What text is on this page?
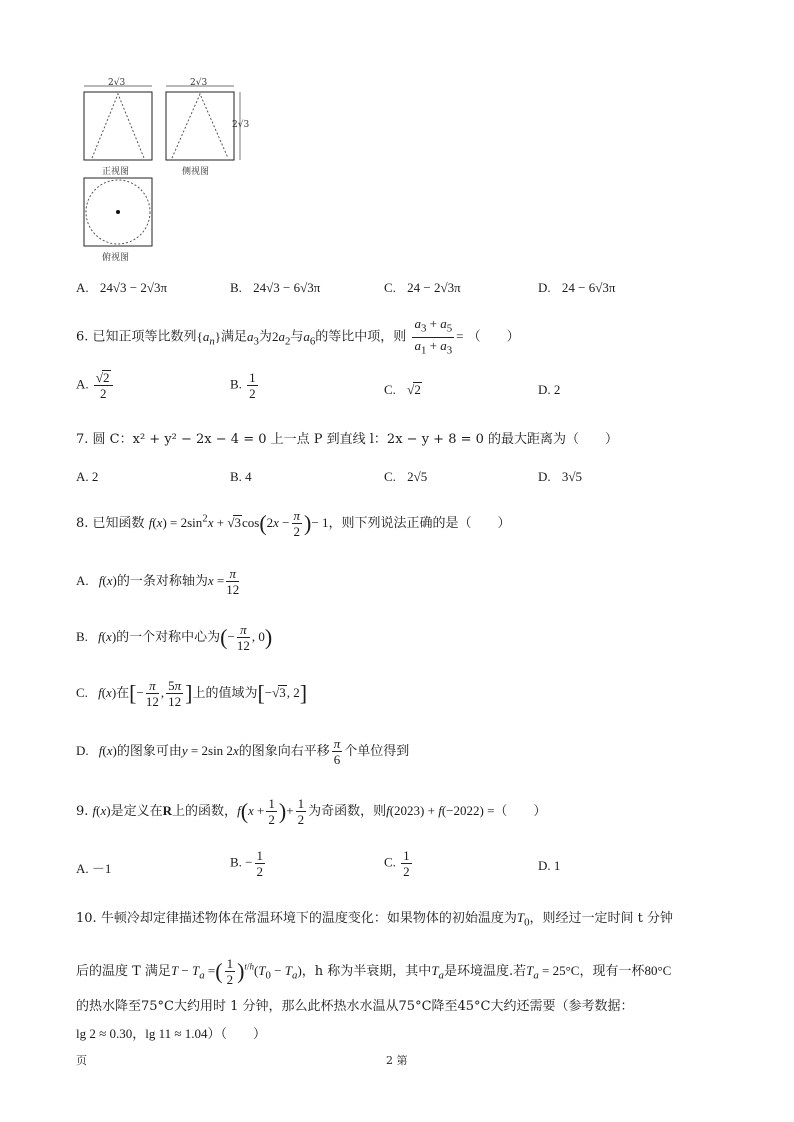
2√3	2√3
2√3
正视图	侧视图
俯视图
A. 24√3 − 2√3π	B. 24√3 − 6√3π	C. 24 − 2√3π	D. 24 − 6√3π
6. 已知正项等比数列$\{a_n\}$满足$a_3$为$2a_2$与$a_6$的等比中项，则 $\frac{a_3 + a_5}{a_1 + a_3}$ = （　　）
A. $\frac{√2}{2}$	B. $\frac{1}{2}$	C. √2	D. 2
7. 圆 C：x² + y² − 2x − 4 = 0 上一点 P 到直线 l：2x − y + 8 = 0 的最大距离为（　　）
A. 2	B. 4	C. 2√5	D. 3√5
8. 已知函数 $f(x) = 2\sin^2x + √3\cos(2x - \frac{\pi}{2}$ )− 1，则下列说法正确的是（　　）
A. f(x)的一条对称轴为$x = \frac{\pi}{12}$
B. f(x)的一个对称中心为(− $\frac{\pi}{12}$ , 0)
C. f(x)在[− $\frac{\pi}{12}$ , $\frac{5\pi}{12}$ ]上的值域为[−√3, 2]
D. f(x)的图象可由y = 2sin 2x的图象向右平移 $\frac{\pi}{6}$ 个单位得到
9. f(x)是定义在R上的函数，$f(x + \frac{1}{2}$ )+ $\frac{1}{2}$ 为奇函数，则f(2023) + f(−2022) =（　　）
A. －1	B. − $\frac{1}{2}$	C. $\frac{1}{2}$	D. 1
10. 牛顿冷却定律描述物体在常温环境下的温度变化：如果物体的初始温度为$T_0$，则经过一定时间 t 分钟
后的温度 T 满足$T - T_a$ =( $\frac{1}{2} )^{t/h}(T_0 - T_a)$，h 称为半衰期，其中$T_a$是环境温度.若$T_a = 25^\circ C$，现有一杯80°C
的热水降至75°C大约用时 1 分钟，那么此杯热水水温从75°C降至45°C大约还需要（参考数据：
lg 2 ≈ 0.30，lg 11 ≈ 1.04）（　　）
页	2 第
